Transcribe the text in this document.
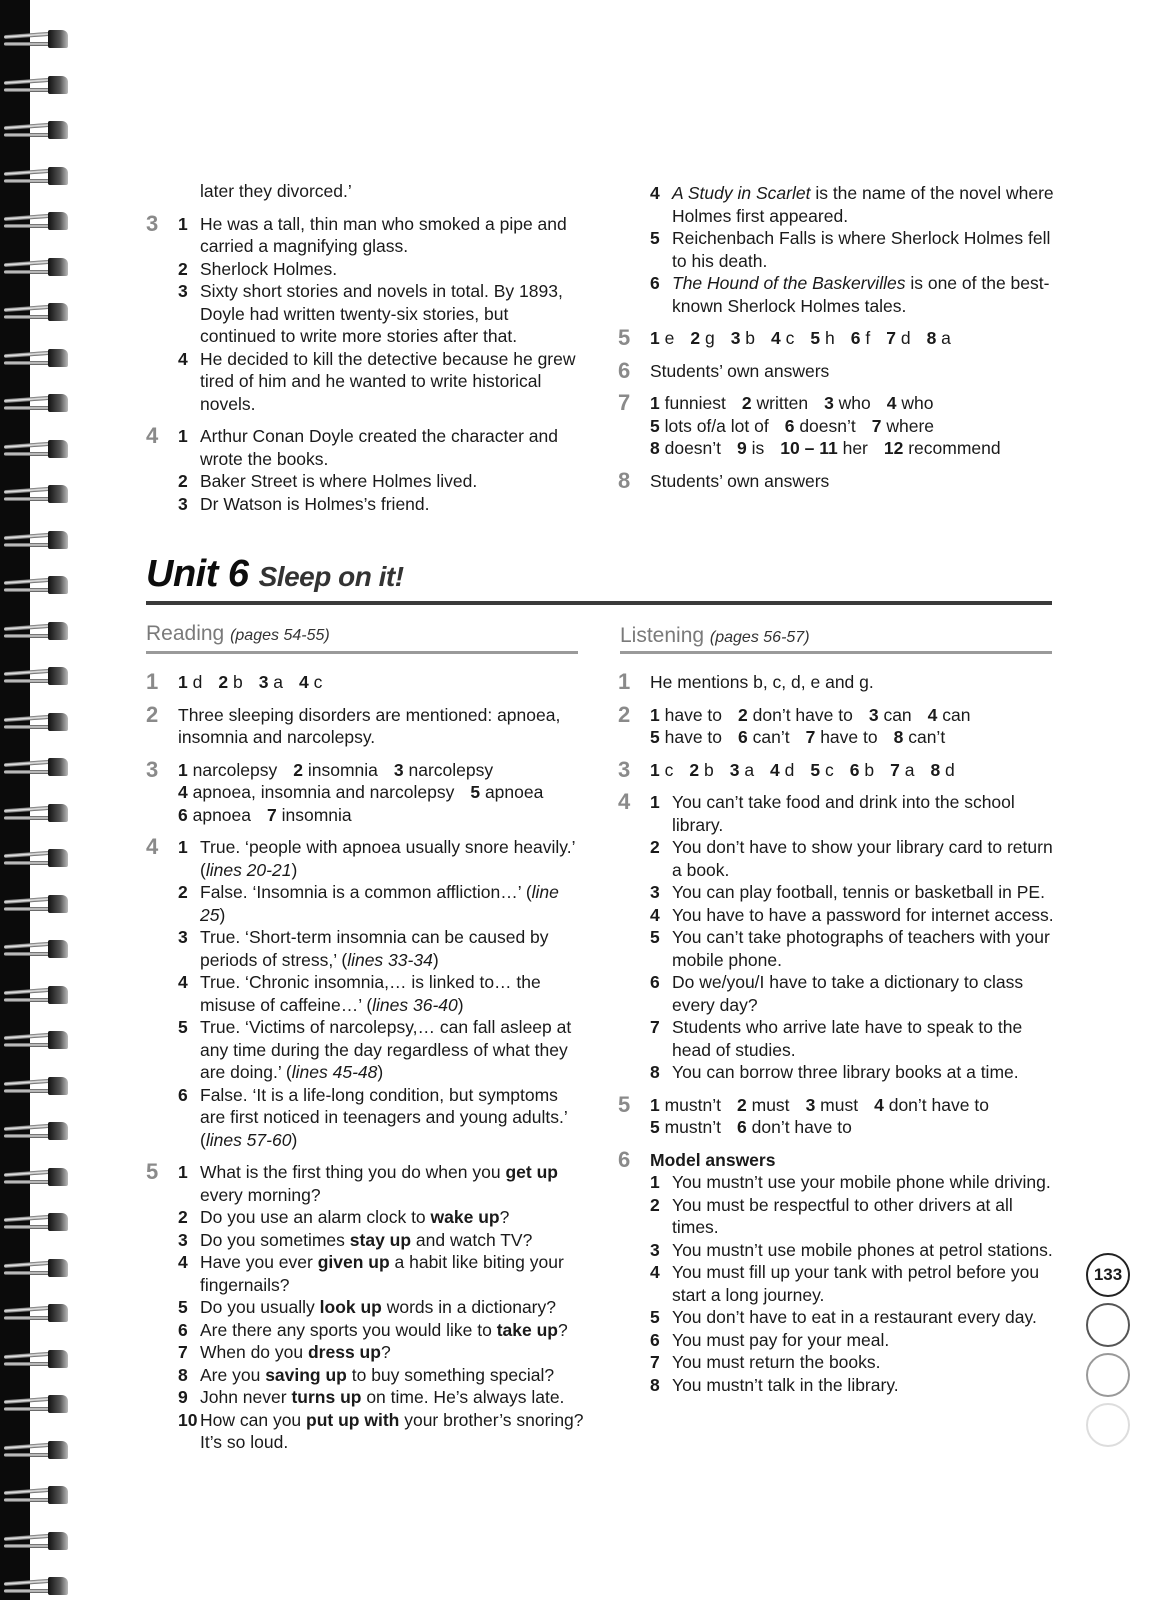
later they divorced.’
3	1 He was a tall, thin man who smoked a pipe and carried a magnifying glass.
2 Sherlock Holmes.
3 Sixty short stories and novels in total. By 1893, Doyle had written twenty-six stories, but continued to write more stories after that.
4 He decided to kill the detective because he grew tired of him and he wanted to write historical novels.
4	1 Arthur Conan Doyle created the character and wrote the books.
2 Baker Street is where Holmes lived.
3 Dr Watson is Holmes’s friend.
4 A Study in Scarlet is the name of the novel where Holmes first appeared.
5 Reichenbach Falls is where Sherlock Holmes fell to his death.
6 The Hound of the Baskervilles is one of the best-known Sherlock Holmes tales.
5	1 e 2 g 3 b 4 c 5 h 6 f 7 d 8 a
6	Students’ own answers
7	1 funniest 2 written 3 who 4 who
5 lots of/a lot of 6 doesn’t 7 where
8 doesn’t 9 is 10 – 11 her 12 recommend
8	Students’ own answers
Unit 6 Sleep on it!
Reading (pages 54-55)	Listening (pages 56-57)
1	1 d 2 b 3 a 4 c
2	Three sleeping disorders are mentioned: apnoea, insomnia and narcolepsy.
3	1 narcolepsy 2 insomnia 3 narcolepsy
4 apnoea, insomnia and narcolepsy 5 apnoea
6 apnoea 7 insomnia
4	1 True. ‘people with apnoea usually snore heavily.’ (lines 20-21)
2 False. ‘Insomnia is a common affliction…’ (line 25)
3 True. ‘Short-term insomnia can be caused by periods of stress,’ (lines 33-34)
4 True. ‘Chronic insomnia,… is linked to… the misuse of caffeine…’ (lines 36-40)
5 True. ‘Victims of narcolepsy,… can fall asleep at any time during the day regardless of what they are doing.’ (lines 45-48)
6 False. ‘It is a life-long condition, but symptoms are first noticed in teenagers and young adults.’ (lines 57-60)
5	1 What is the first thing you do when you get up every morning?
2 Do you use an alarm clock to wake up?
3 Do you sometimes stay up and watch TV?
4 Have you ever given up a habit like biting your fingernails?
5 Do you usually look up words in a dictionary?
6 Are there any sports you would like to take up?
7 When do you dress up?
8 Are you saving up to buy something special?
9 John never turns up on time. He’s always late.
10 How can you put up with your brother’s snoring? It’s so loud.
1	He mentions b, c, d, e and g.
2	1 have to 2 don’t have to 3 can 4 can
5 have to 6 can’t 7 have to 8 can’t
3	1 c 2 b 3 a 4 d 5 c 6 b 7 a 8 d
4	1 You can’t take food and drink into the school library.
2 You don’t have to show your library card to return a book.
3 You can play football, tennis or basketball in PE.
4 You have to have a password for internet access.
5 You can’t take photographs of teachers with your mobile phone.
6 Do we/you/I have to take a dictionary to class every day?
7 Students who arrive late have to speak to the head of studies.
8 You can borrow three library books at a time.
5	1 mustn’t 2 must 3 must 4 don’t have to
5 mustn’t 6 don’t have to
6	Model answers
1 You mustn’t use your mobile phone while driving.
2 You must be respectful to other drivers at all times.
3 You mustn’t use mobile phones at petrol stations.
4 You must fill up your tank with petrol before you start a long journey.
5 You don’t have to eat in a restaurant every day.
6 You must pay for your meal.
7 You must return the books.
8 You mustn’t talk in the library.
133
